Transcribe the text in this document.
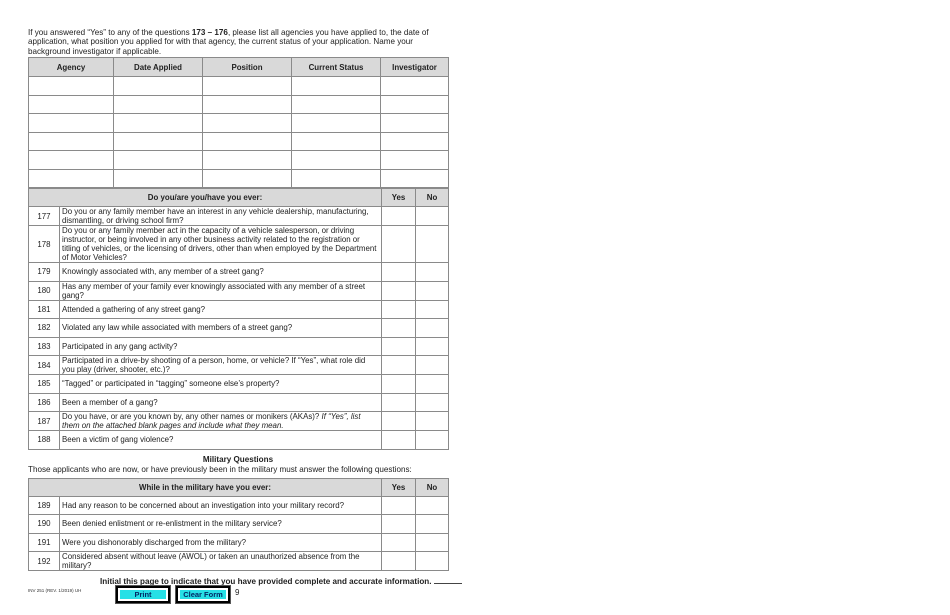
If you answered “Yes” to any of the questions 173 – 176, please list all agencies you have applied to, the date of application, what position you applied for with that agency, the current status of your application. Name your background investigator if applicable.

Agency	Date Applied	Position	Current Status	Investigator

Do you/are you/have you ever:		Yes	No
177	Do you or any family member have an interest in any vehicle dealership, manufacturing, dismantling, or driving school firm?		
178	Do you or any family member act in the capacity of a vehicle salesperson, or driving instructor, or being involved in any other business activity related to the registration or titling of vehicles, or the licensing of drivers, other than when employed by the Department of Motor Vehicles?		
179	Knowingly associated with, any member of a street gang?		
180	Has any member of your family ever knowingly associated with any member of a street gang?		
181	Attended a gathering of any street gang?		
182	Violated any law while associated with members of a street gang?		
183	Participated in any gang activity?		
184	Participated in a drive-by shooting of a person, home, or vehicle? If “Yes”, what role did you play (driver, shooter, etc.)?		
185	“Tagged” or participated in “tagging” someone else’s property?		
186	Been a member of a gang?		
187	Do you have, or are you known by, any other names or monikers (AKAs)? If “Yes”, list them on the attached blank pages and include what they mean.		
188	Been a victim of gang violence?		
Military Questions
Those applicants who are now, or have previously been in the military must answer the following questions:
While in the military have you ever:		Yes	No
189	Had any reason to be concerned about an investigation into your military record?		
190	Been denied enlistment or re-enlistment in the military service?		
191	Were you dishonorably discharged from the military?		
192	Considered absent without leave (AWOL) or taken an unauthorized absence from the military?		
Initial this page to indicate that you have provided complete and accurate information.
INV 251 (REV. 1/2019) UH	Print	Clear Form	9
